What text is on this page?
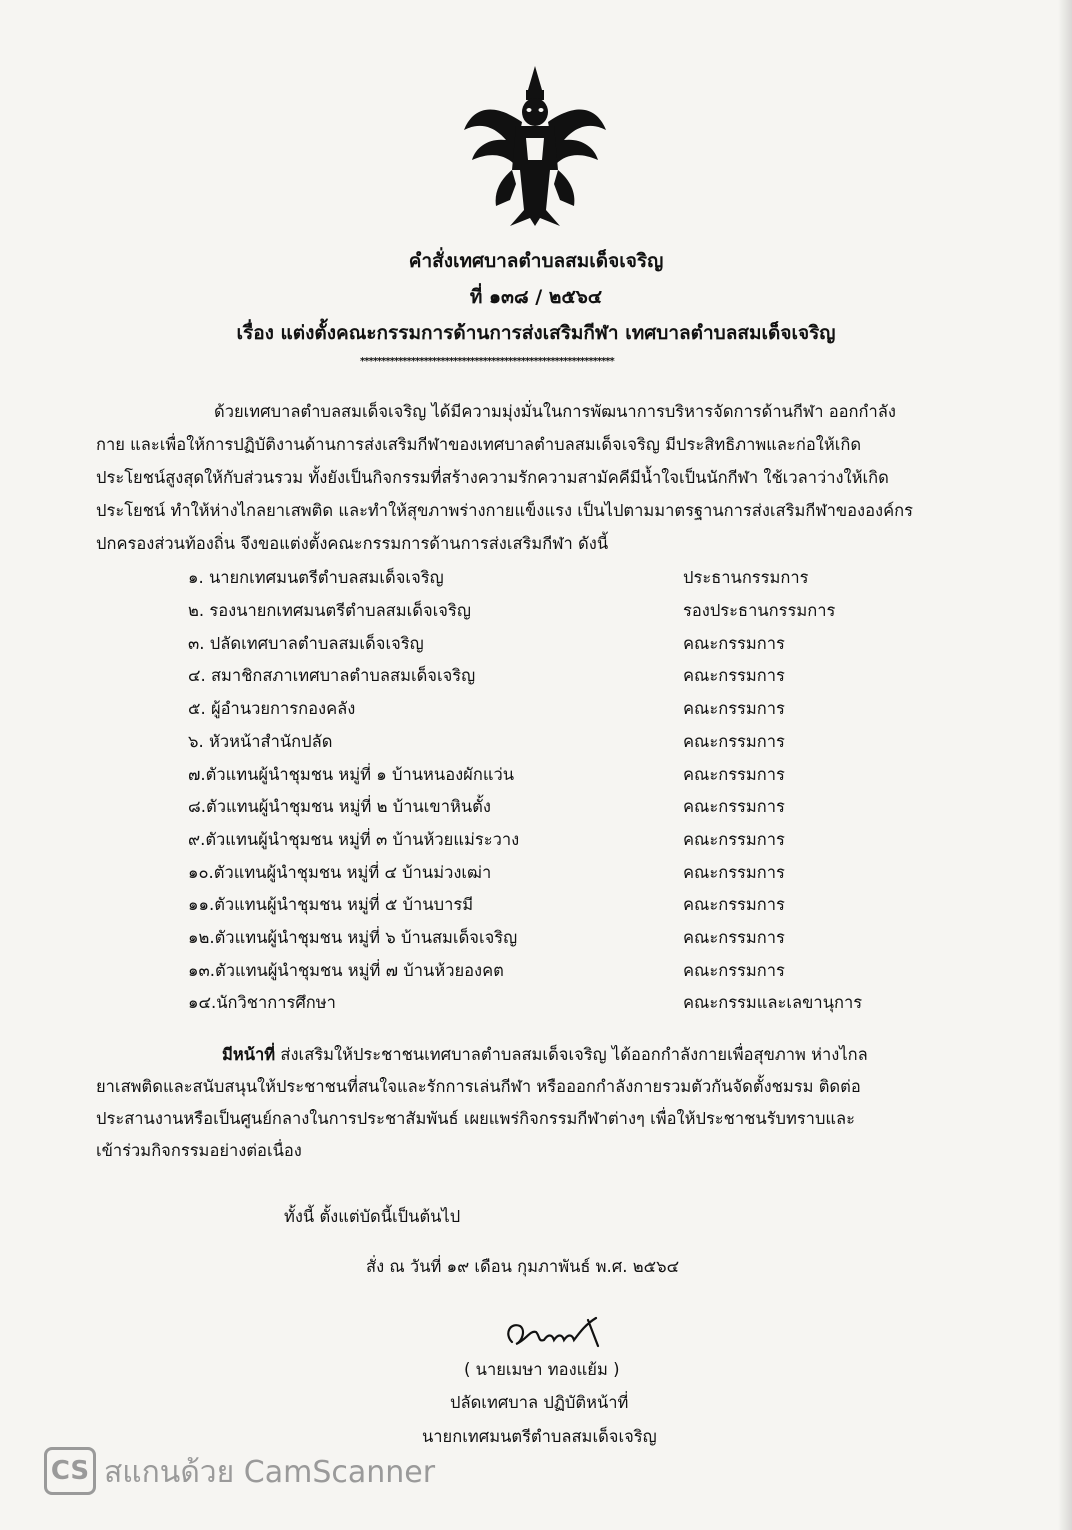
คำสั่งเทศบาลตำบลสมเด็จเจริญ
ที่ ๑๓๘ / ๒๕๖๔
เรื่อง แต่งตั้งคณะกรรมการด้านการส่งเสริมกีฬา เทศบาลตำบลสมเด็จเจริญ
************************************************************
ด้วยเทศบาลตำบลสมเด็จเจริญ ได้มีความมุ่งมั่นในการพัฒนาการบริหารจัดการด้านกีฬา ออกกำลัง
กาย และเพื่อให้การปฏิบัติงานด้านการส่งเสริมกีฬาของเทศบาลตำบลสมเด็จเจริญ มีประสิทธิภาพและก่อให้เกิด
ประโยชน์สูงสุดให้กับส่วนรวม ทั้งยังเป็นกิจกรรมที่สร้างความรักความสามัคคีมีน้ำใจเป็นนักกีฬา ใช้เวลาว่างให้เกิด
ประโยชน์ ทำให้ห่างไกลยาเสพติด และทำให้สุขภาพร่างกายแข็งแรง เป็นไปตามมาตรฐานการส่งเสริมกีฬาขององค์กร
ปกครองส่วนท้องถิ่น จึงขอแต่งตั้งคณะกรรมการด้านการส่งเสริมกีฬา ดังนี้
๑. นายกเทศมนตรีตำบลสมเด็จเจริญ	ประธานกรรมการ
๒. รองนายกเทศมนตรีตำบลสมเด็จเจริญ	รองประธานกรรมการ
๓. ปลัดเทศบาลตำบลสมเด็จเจริญ	คณะกรรมการ
๔. สมาชิกสภาเทศบาลตำบลสมเด็จเจริญ	คณะกรรมการ
๕. ผู้อำนวยการกองคลัง	คณะกรรมการ
๖. หัวหน้าสำนักปลัด	คณะกรรมการ
๗.ตัวแทนผู้นำชุมชน หมู่ที่ ๑ บ้านหนองผักแว่น	คณะกรรมการ
๘.ตัวแทนผู้นำชุมชน หมู่ที่ ๒ บ้านเขาหินตั้ง	คณะกรรมการ
๙.ตัวแทนผู้นำชุมชน หมู่ที่ ๓ บ้านห้วยแม่ระวาง	คณะกรรมการ
๑๐.ตัวแทนผู้นำชุมชน หมู่ที่ ๔ บ้านม่วงเฒ่า	คณะกรรมการ
๑๑.ตัวแทนผู้นำชุมชน หมู่ที่ ๕ บ้านบารมี	คณะกรรมการ
๑๒.ตัวแทนผู้นำชุมชน หมู่ที่ ๖ บ้านสมเด็จเจริญ	คณะกรรมการ
๑๓.ตัวแทนผู้นำชุมชน หมู่ที่ ๗ บ้านห้วยองคต	คณะกรรมการ
๑๔.นักวิชาการศึกษา	คณะกรรมและเลขานุการ
มีหน้าที่ ส่งเสริมให้ประชาชนเทศบาลตำบลสมเด็จเจริญ ได้ออกกำลังกายเพื่อสุขภาพ ห่างไกล
ยาเสพติดและสนับสนุนให้ประชาชนที่สนใจและรักการเล่นกีฬา หรือออกกำลังกายรวมตัวกันจัดตั้งชมรม ติดต่อ
ประสานงานหรือเป็นศูนย์กลางในการประชาสัมพันธ์ เผยแพร่กิจกรรมกีฬาต่างๆ เพื่อให้ประชาชนรับทราบและ
เข้าร่วมกิจกรรมอย่างต่อเนื่อง
ทั้งนี้ ตั้งแต่บัดนี้เป็นต้นไป
สั่ง ณ วันที่ ๑๙ เดือน กุมภาพันธ์ พ.ศ. ๒๕๖๔
( นายเมษา ทองแย้ม )
ปลัดเทศบาล ปฏิบัติหน้าที่
นายกเทศมนตรีตำบลสมเด็จเจริญ
CS สแกนด้วย CamScanner
